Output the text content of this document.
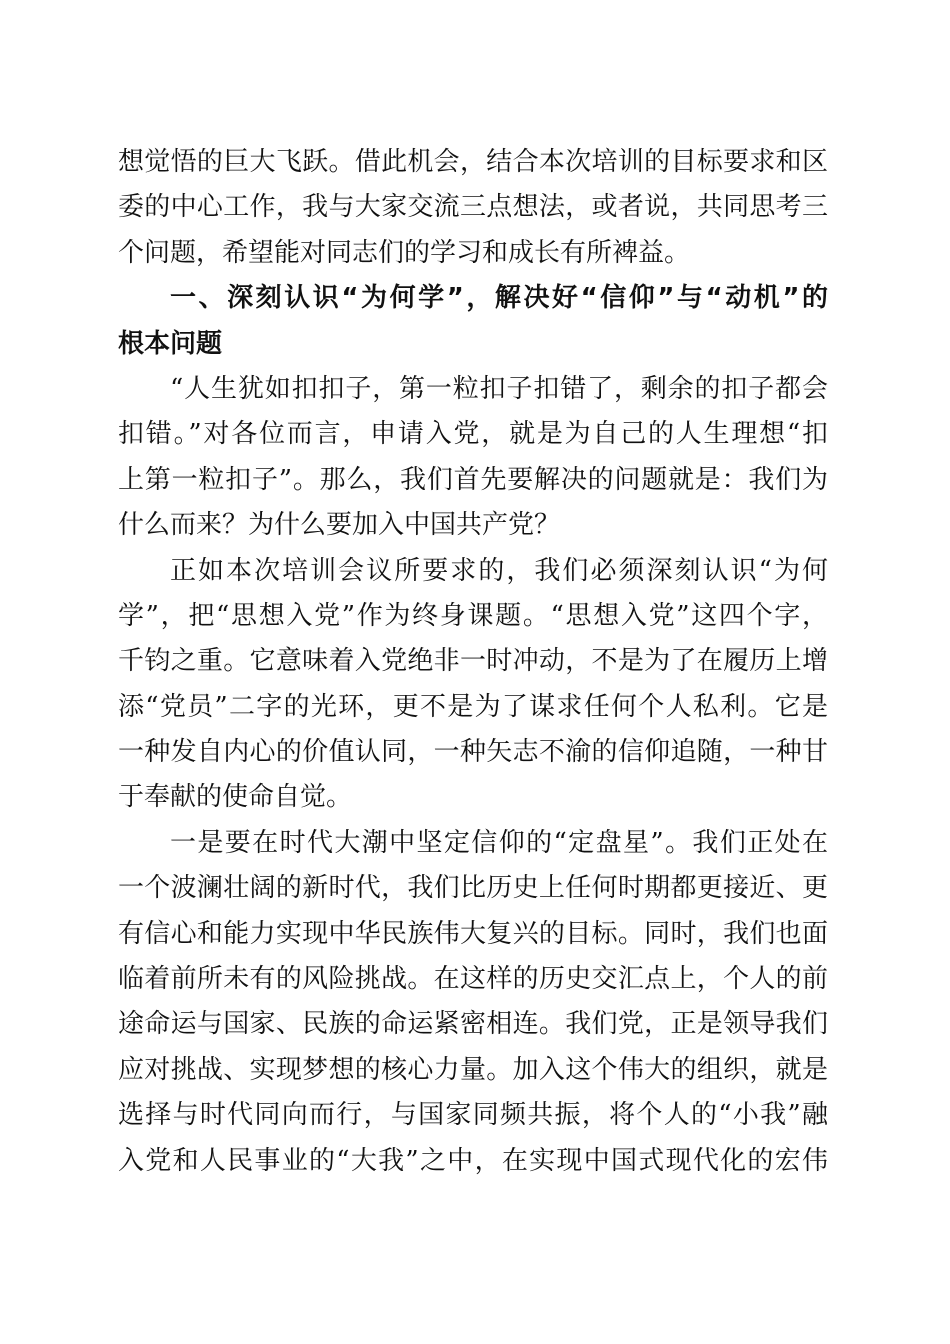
想觉悟的巨大飞跃。借此机会，结合本次培训的目标要求和区
委的中心工作，我与大家交流三点想法，或者说，共同思考三
个问题，希望能对同志们的学习和成长有所裨益。
一、深刻认识“为何学”，解决好“信仰”与“动机”的
根本问题
“人生犹如扣扣子，第一粒扣子扣错了，剩余的扣子都会
扣错。”对各位而言，申请入党，就是为自己的人生理想“扣
上第一粒扣子”。那么，我们首先要解决的问题就是：我们为
什么而来？为什么要加入中国共产党？
正如本次培训会议所要求的，我们必须深刻认识“为何
学”，把“思想入党”作为终身课题。“思想入党”这四个字，
千钧之重。它意味着入党绝非一时冲动，不是为了在履历上增
添“党员”二字的光环，更不是为了谋求任何个人私利。它是
一种发自内心的价值认同，一种矢志不渝的信仰追随，一种甘
于奉献的使命自觉。
一是要在时代大潮中坚定信仰的“定盘星”。我们正处在
一个波澜壮阔的新时代，我们比历史上任何时期都更接近、更
有信心和能力实现中华民族伟大复兴的目标。同时，我们也面
临着前所未有的风险挑战。在这样的历史交汇点上，个人的前
途命运与国家、民族的命运紧密相连。我们党，正是领导我们
应对挑战、实现梦想的核心力量。加入这个伟大的组织，就是
选择与时代同向而行，与国家同频共振，将个人的“小我”融
入党和人民事业的“大我”之中，在实现中国式现代化的宏伟
